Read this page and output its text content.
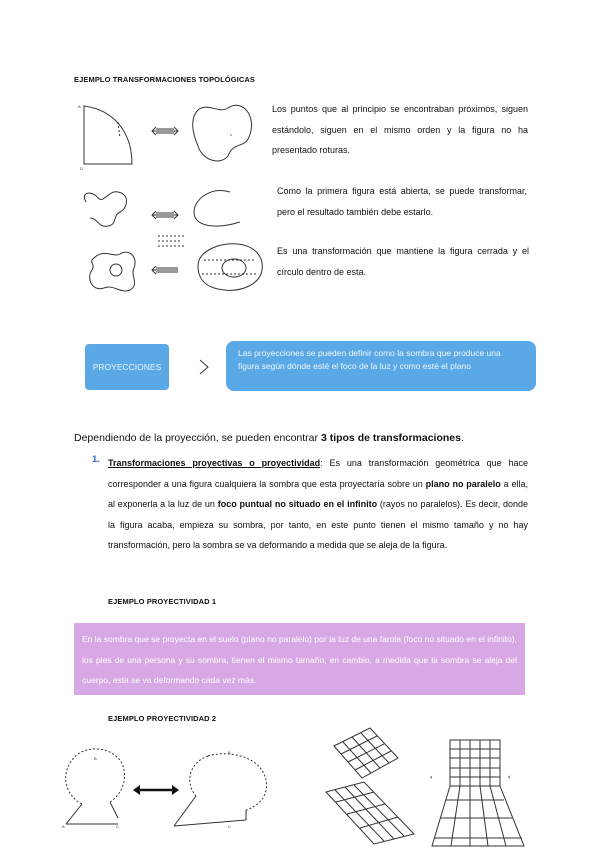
EJEMPLO TRANSFORMACIONES TOPOLÓGICAS
A
D
c
Los puntos que al principio se encontraban próximos, siguen estándolo, siguen en el mismo orden y la figura no ha presentado roturas.
Como la primera figura está abierta, se puede transformar, pero el resultado también debe estarlo.
Es una transformación que mantiene la figura cerrada y el círculo dentro de esta.
PROYECCIONES
Las proyecciones se pueden definir como la sombra que produce una figura según dónde esté el foco de la luz y como esté el plano
Dependiendo de la proyección, se pueden encontrar 3 tipos de transformaciones.
1. Transformaciones proyectivas o proyectividad: Es una transformación geométrica que hace corresponder a una figura cualquiera la sombra que esta proyectaría sobre un plano no paralelo a ella, al exponerla a la luz de un foco puntual no situado en el infinito (rayos no paralelos). Es decir, donde la figura acaba, empieza su sombra, por tanto, en este punto tienen el mismo tamaño y no hay transformación, pero la sombra se va deformando a medida que se aleja de la figura.
EJEMPLO PROYECTIVIDAD 1
En la sombra que se proyecta en el suelo (plano no paralelo) por la luz de una farola (foco no situado en el infinito), los pies de una persona y su sombra, tienen el mismo tamaño, en cambio, a medida que la sombra se aleja del cuerpo, esta se va deformando cada vez más.
EJEMPLO PROYECTIVIDAD 2
B
A	C
B
C
q	q'
